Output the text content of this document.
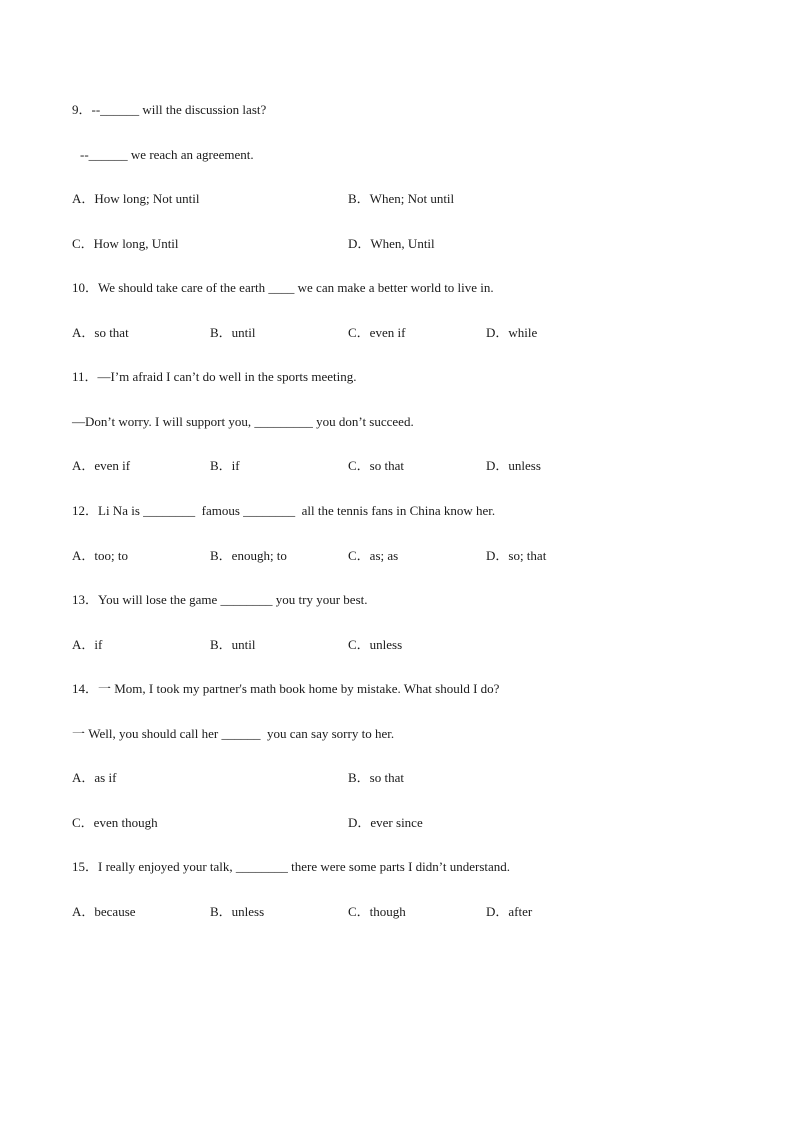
9．--______ will the discussion last?
--______ we reach an agreement.
A．How long; Not until	B．When; Not until
C．How long, Until	D．When, Until
10．We should take care of the earth ____ we can make a better world to live in.
A．so that	B．until	C．even if	D．while
11．—I’m afraid I can’t do well in the sports meeting.
—Don’t worry. I will support you, _________ you don’t succeed.
A．even if	B．if	C．so that	D．unless
12．Li Na is ________  famous ________  all the tennis fans in China know her.
A．too; to	B．enough; to	C．as; as	D．so; that
13．You will lose the game ________ you try your best.
A．if	B．until	C．unless
14．一 Mom, I took my partner's math book home by mistake. What should I do?
一 Well, you should call her ______  you can say sorry to her.
A．as if	B．so that
C．even though	D．ever since
15．I really enjoyed your talk, ________ there were some parts I didn’t understand.
A．because	B．unless	C．though	D．after
